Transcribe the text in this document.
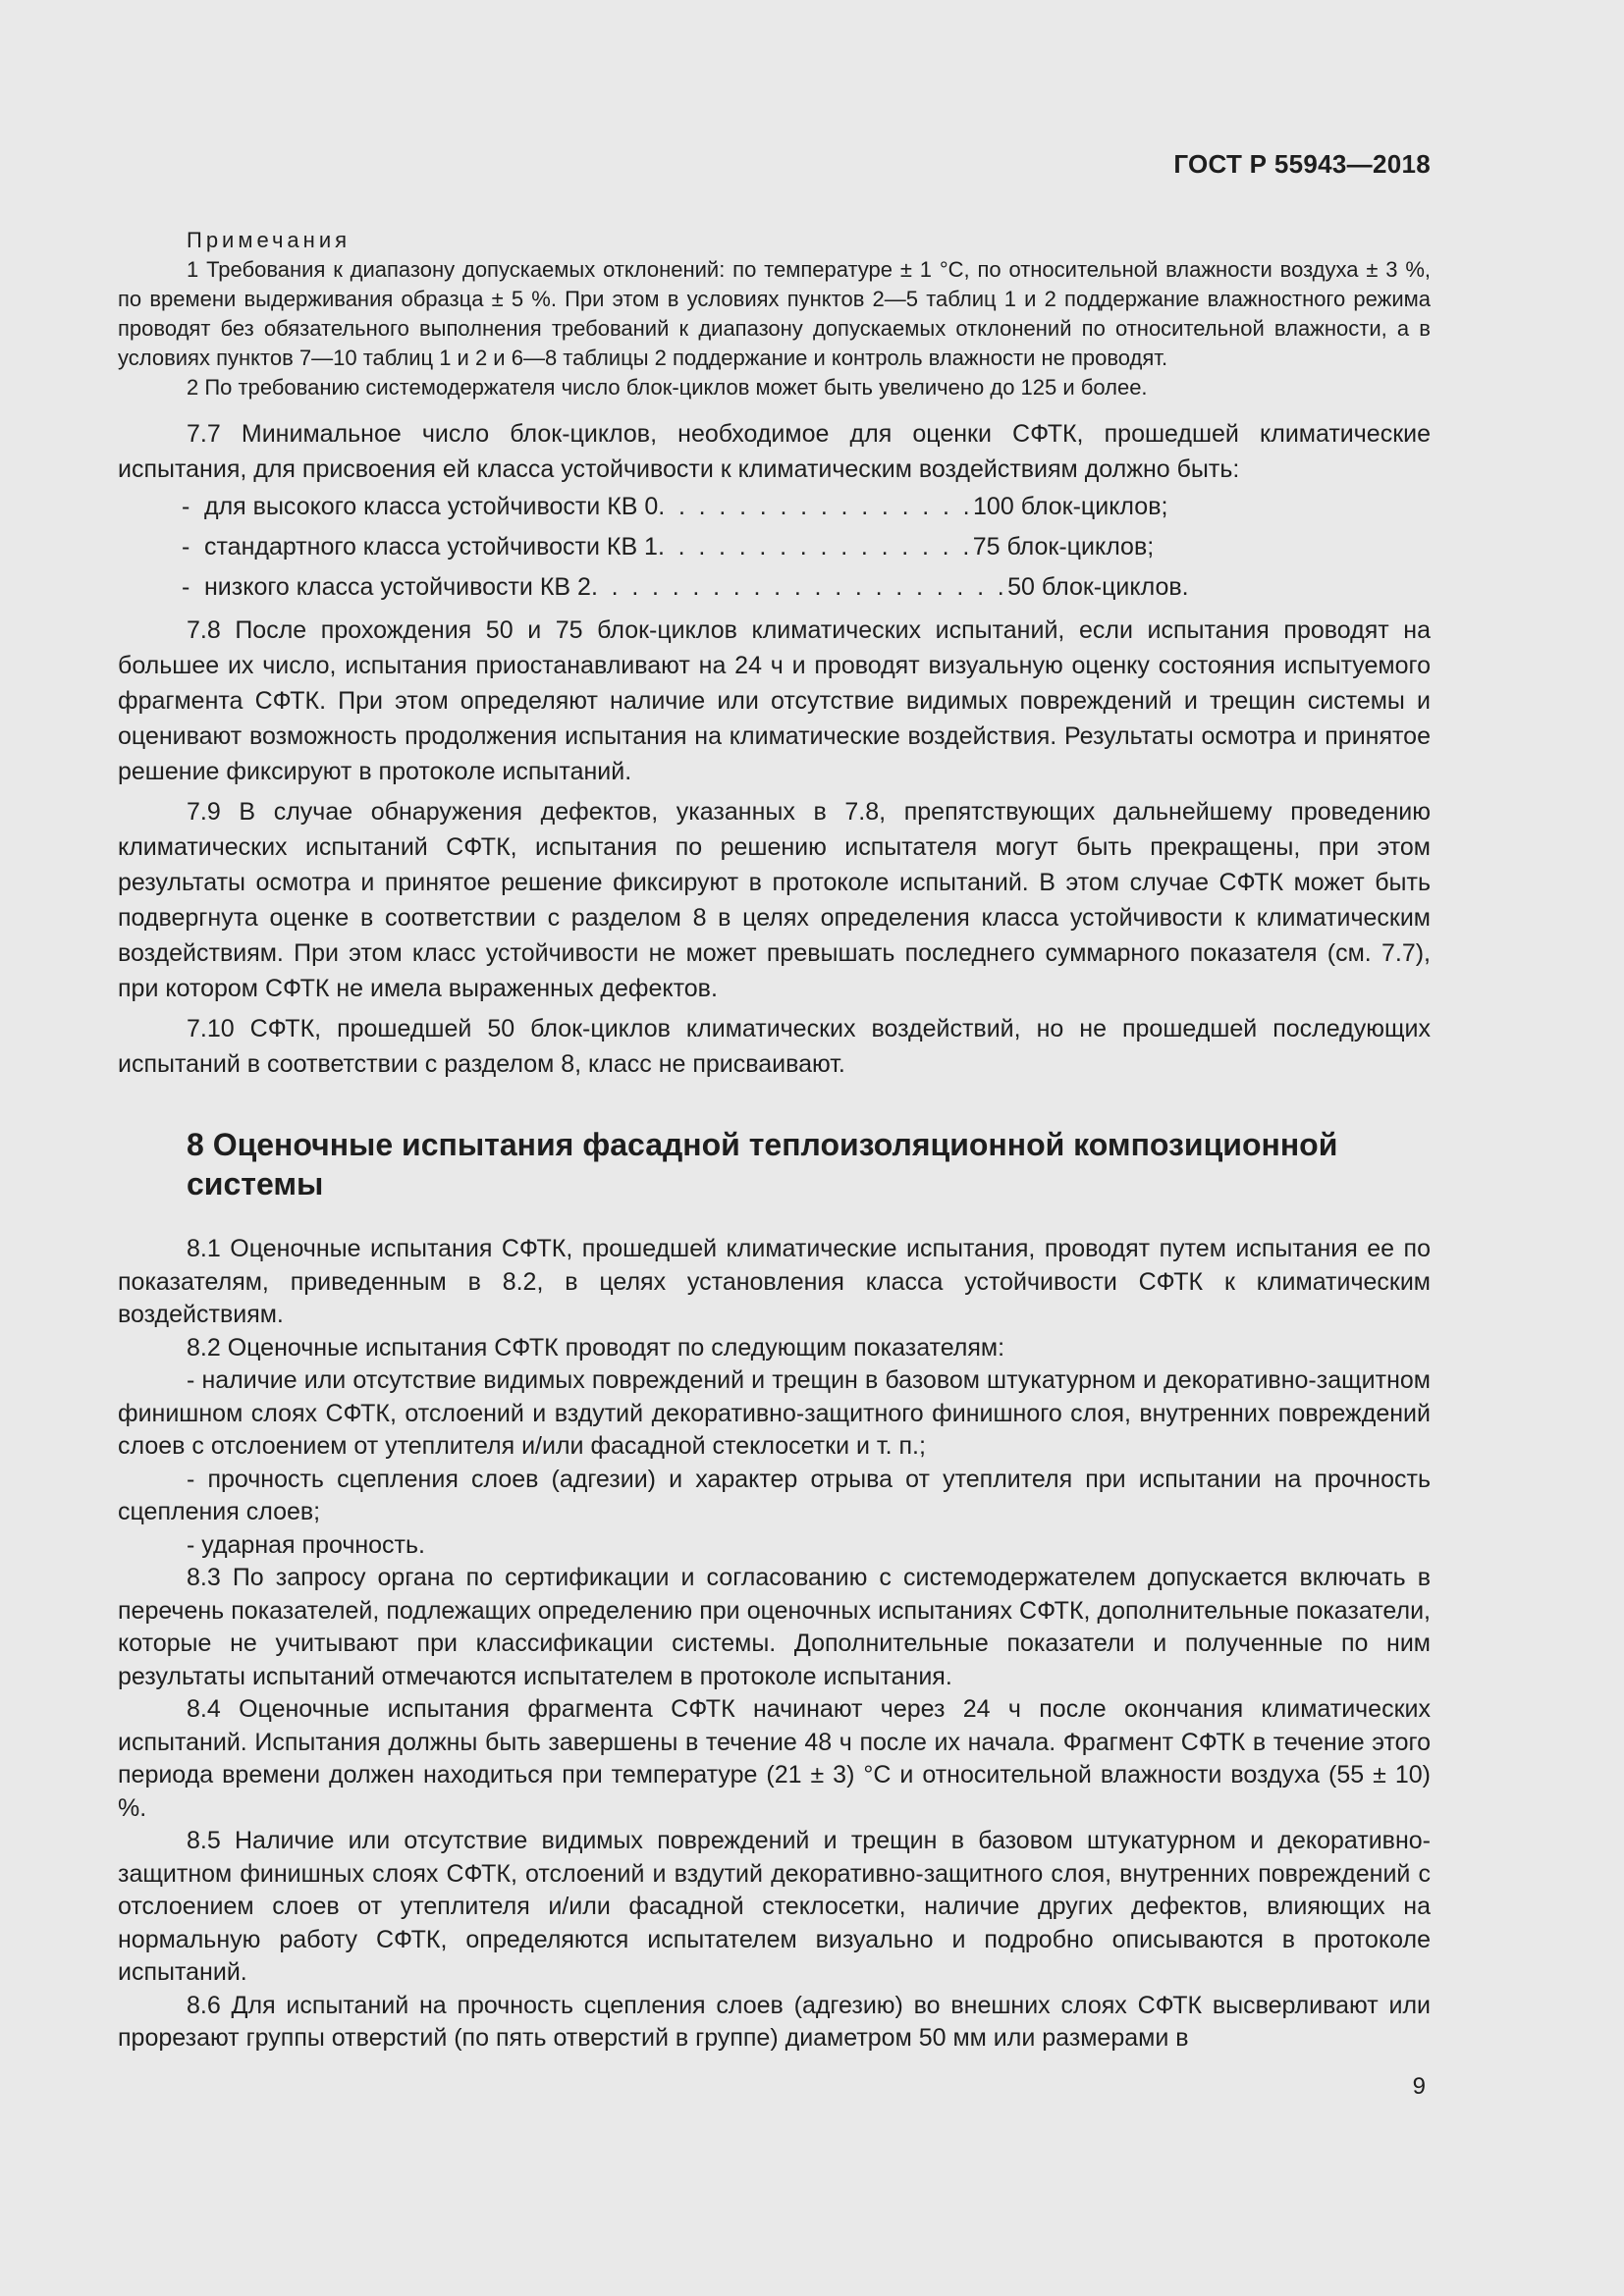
ГОСТ Р 55943—2018
Примечания

1 Требования к диапазону допускаемых отклонений: по температуре ± 1 °С, по относительной влажности воздуха ± 3 %, по времени выдерживания образца ± 5 %. При этом в условиях пунктов 2—5 таблиц 1 и 2 поддержание влажностного режима проводят без обязательного выполнения требований к диапазону допускаемых отклонений по относительной влажности, а в условиях пунктов 7—10 таблиц 1 и 2 и 6—8 таблицы 2 поддержание и контроль влажности не проводят.

2 По требованию системодержателя число блок-циклов может быть увеличено до 125 и более.

7.7 Минимальное число блок-циклов, необходимое для оценки СФТК, прошедшей климатические испытания, для присвоения ей класса устойчивости к климатическим воздействиям должно быть:

- для высокого класса устойчивости КВ 0 . . . . . . . . . . . . . . . . 100 блок-циклов;

- стандартного класса устойчивости КВ 1 . . . . . . . . . . . . . . . . 75 блок-циклов;

- низкого класса устойчивости КВ 2 . . . . . . . . . . . . . . . . . . . . . 50 блок-циклов.

7.8 После прохождения 50 и 75 блок-циклов климатических испытаний, если испытания проводят на большее их число, испытания приостанавливают на 24 ч и проводят визуальную оценку состояния испытуемого фрагмента СФТК. При этом определяют наличие или отсутствие видимых повреждений и трещин системы и оценивают возможность продолжения испытания на климатические воздействия. Результаты осмотра и принятое решение фиксируют в протоколе испытаний.

7.9 В случае обнаружения дефектов, указанных в 7.8, препятствующих дальнейшему проведению климатических испытаний СФТК, испытания по решению испытателя могут быть прекращены, при этом результаты осмотра и принятое решение фиксируют в протоколе испытаний. В этом случае СФТК может быть подвергнута оценке в соответствии с разделом 8 в целях определения класса устойчивости к климатическим воздействиям. При этом класс устойчивости не может превышать последнего суммарного показателя (см. 7.7), при котором СФТК не имела выраженных дефектов.

7.10 СФТК, прошедшей 50 блок-циклов климатических воздействий, но не прошедшей последующих испытаний в соответствии с разделом 8, класс не присваивают.

8 Оценочные испытания фасадной теплоизоляционной композиционной системы

8.1 Оценочные испытания СФТК, прошедшей климатические испытания, проводят путем испытания ее по показателям, приведенным в 8.2, в целях установления класса устойчивости СФТК к климатическим воздействиям.

8.2 Оценочные испытания СФТК проводят по следующим показателям:

- наличие или отсутствие видимых повреждений и трещин в базовом штукатурном и декоративно-защитном финишном слоях СФТК, отслоений и вздутий декоративно-защитного финишного слоя, внутренних повреждений слоев с отслоением от утеплителя и/или фасадной стеклосетки и т. п.;

- прочность сцепления слоев (адгезии) и характер отрыва от утеплителя при испытании на прочность сцепления слоев;

- ударная прочность.

8.3 По запросу органа по сертификации и согласованию с системодержателем допускается включать в перечень показателей, подлежащих определению при оценочных испытаниях СФТК, дополнительные показатели, которые не учитывают при классификации системы. Дополнительные показатели и полученные по ним результаты испытаний отмечаются испытателем в протоколе испытания.

8.4 Оценочные испытания фрагмента СФТК начинают через 24 ч после окончания климатических испытаний. Испытания должны быть завершены в течение 48 ч после их начала. Фрагмент СФТК в течение этого периода времени должен находиться при температуре (21 ± 3) °С и относительной влажности воздуха (55 ± 10) %.

8.5 Наличие или отсутствие видимых повреждений и трещин в базовом штукатурном и декоративно-защитном финишных слоях СФТК, отслоений и вздутий декоративно-защитного слоя, внутренних повреждений с отслоением слоев от утеплителя и/или фасадной стеклосетки, наличие других дефектов, влияющих на нормальную работу СФТК, определяются испытателем визуально и подробно описываются в протоколе испытаний.

8.6 Для испытаний на прочность сцепления слоев (адгезию) во внешних слоях СФТК высверливают или прорезают группы отверстий (по пять отверстий в группе) диаметром 50 мм или размерами в

9
